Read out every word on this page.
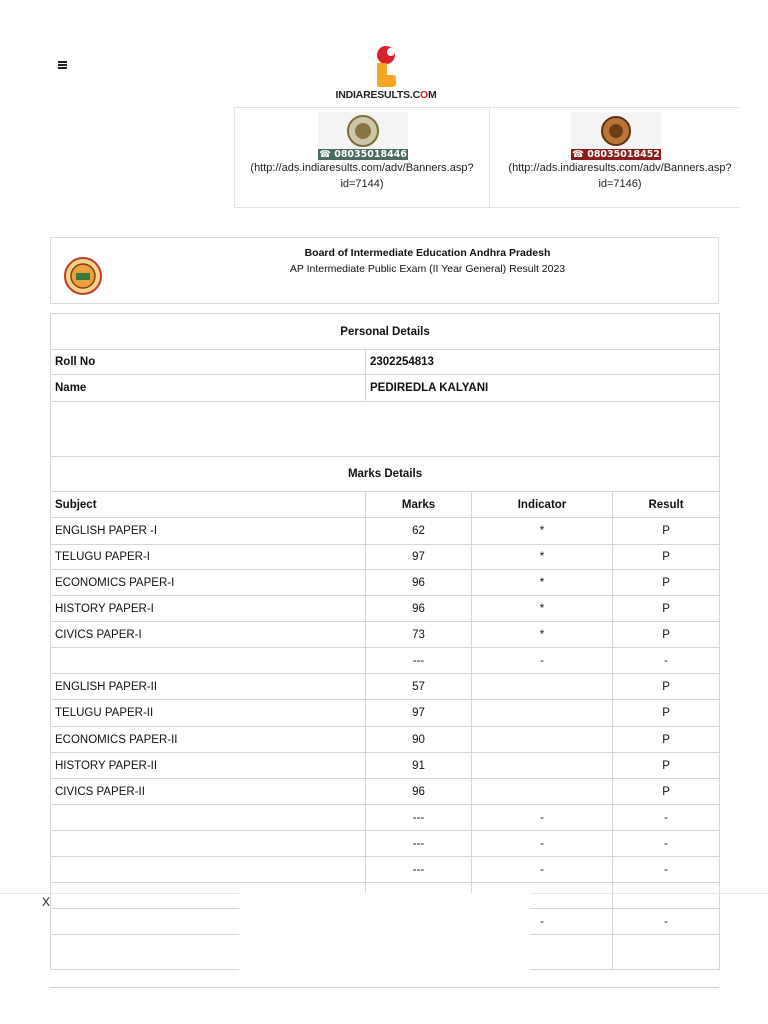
INDIARESULTS.COM
☎ 08035018446
(http://ads.indiaresults.com/adv/Banners.asp?id=7144)
☎ 08035018452
(http://ads.indiaresults.com/adv/Banners.asp?id=7146)
Board of Intermediate Education Andhra Pradesh
AP Intermediate Public Exam (II Year General) Result 2023
Personal Details			
Roll No	2302254813		
Name	PEDIREDLA KALYANI		

Marks Details			
Subject	Marks	Indicator	Result
ENGLISH PAPER -I	62	*	P
TELUGU PAPER-I	97	*	P
ECONOMICS PAPER-I	96	*	P
HISTORY PAPER-I	96	*	P
CIVICS PAPER-I	73	*	P
	---	-	-
ENGLISH PAPER-II	57		P
TELUGU PAPER-II	97		P
ECONOMICS PAPER-II	90		P
HISTORY PAPER-II	91		P
CIVICS PAPER-II	96		P
	---	-	-
	---	-	-
	---	-	-

		-	-

X
